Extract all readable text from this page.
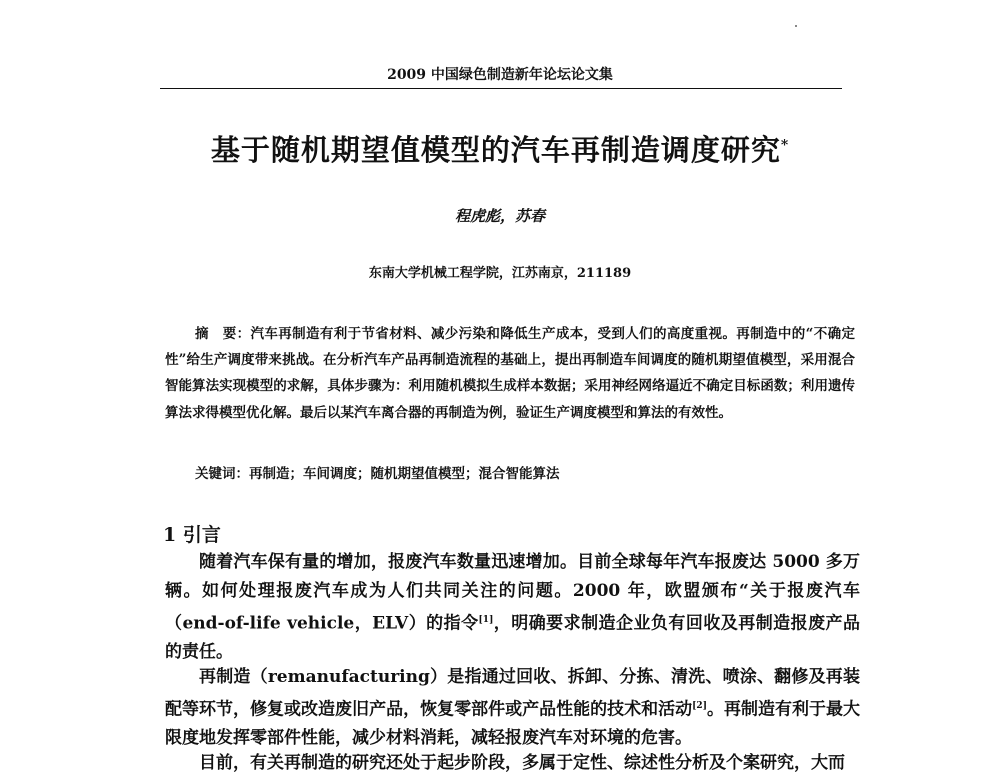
2009 中国绿色制造新年论坛论文集
基于随机期望值模型的汽车再制造调度研究*
程虎彪，苏春
东南大学机械工程学院，江苏南京，211189
摘　要：汽车再制造有利于节省材料、减少污染和降低生产成本，受到人们的高度重视。再制造中的“不确定性”给生产调度带来挑战。在分析汽车产品再制造流程的基础上，提出再制造车间调度的随机期望值模型，采用混合智能算法实现模型的求解，具体步骤为：利用随机模拟生成样本数据；采用神经网络逼近不确定目标函数；利用遗传算法求得模型优化解。最后以某汽车离合器的再制造为例，验证生产调度模型和算法的有效性。
关键词：再制造；车间调度；随机期望值模型；混合智能算法
1 引言
随着汽车保有量的增加，报废汽车数量迅速增加。目前全球每年汽车报废达 5000 多万辆。如何处理报废汽车成为人们共同关注的问题。2000 年，欧盟颁布“关于报废汽车（end-of-life vehicle，ELV）的指令[1]，明确要求制造企业负有回收及再制造报废产品的责任。
再制造（remanufacturing）是指通过回收、拆卸、分拣、清洗、喷涂、翻修及再装配等环节，修复或改造废旧产品，恢复零部件或产品性能的技术和活动[2]。再制造有利于最大限度地发挥零部件性能，减少材料消耗，减轻报废汽车对环境的危害。
目前，有关再制造的研究还处于起步阶段，多属于定性、综述性分析及个案研究，大而
